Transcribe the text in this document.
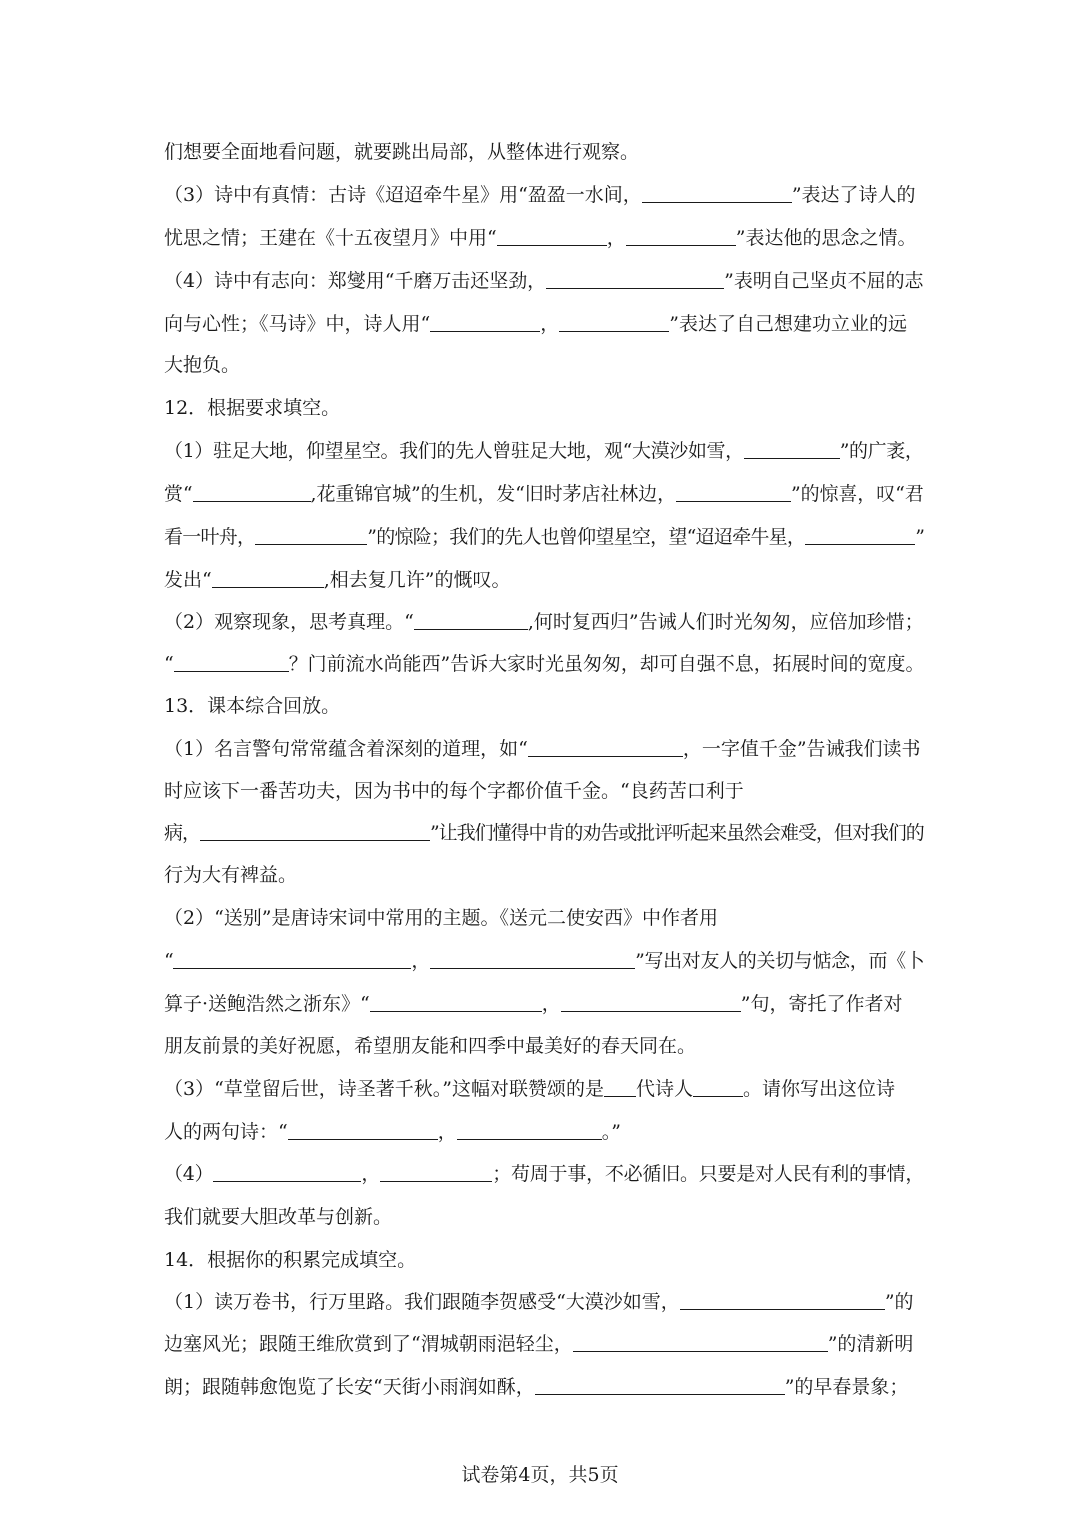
们想要全面地看问题，就要跳出局部，从整体进行观察。
（3）诗中有真情：古诗《迢迢牵牛星》用“盈盈一水间，	”表达了诗人的
忧思之情；王建在《十五夜望月》中用“	，	”表达他的思念之情。
（4）诗中有志向：郑燮用“千磨万击还坚劲，	”表明自己坚贞不屈的志
向与心性；《马诗》中，诗人用“	，	”表达了自己想建功立业的远
大抱负。
12．根据要求填空。
（1）驻足大地，仰望星空。我们的先人曾驻足大地，观“大漠沙如雪，	”的广袤，
赏“	,花重锦官城”的生机，发“旧时茅店社林边，	”的惊喜，叹“君
看一叶舟，	”的惊险；我们的先人也曾仰望星空，望“迢迢牵牛星，	”
发出“	,相去复几许”的慨叹。
（2）观察现象，思考真理。“	,何时复西归”告诫人们时光匆匆，应倍加珍惜；
“	？门前流水尚能西”告诉大家时光虽匆匆，却可自强不息，拓展时间的宽度。
13．课本综合回放。
（1）名言警句常常蕴含着深刻的道理，如“	，一字值千金”告诫我们读书
时应该下一番苦功夫，因为书中的每个字都价值千金。“良药苦口利于
病，	”让我们懂得中肯的劝告或批评听起来虽然会难受，但对我们的
行为大有裨益。
（2）“送别”是唐诗宋词中常用的主题。《送元二使安西》中作者用
“	，	”写出对友人的关切与惦念，而《卜
算子·送鲍浩然之浙东》“	，	”句，寄托了作者对
朋友前景的美好祝愿，希望朋友能和四季中最美好的春天同在。
（3）“草堂留后世，诗圣著千秋。”这幅对联赞颂的是 代诗人	。请你写出这位诗
人的两句诗：“	，	。”
（4）	，	；苟周于事，不必循旧。只要是对人民有利的事情，
我们就要大胆改革与创新。
14．根据你的积累完成填空。
（1）读万卷书，行万里路。我们跟随李贺感受“大漠沙如雪，	”的
边塞风光；跟随王维欣赏到了“渭城朝雨浥轻尘，	”的清新明
朗；跟随韩愈饱览了长安“天街小雨润如酥，	”的早春景象；
试卷第4页，共5页
